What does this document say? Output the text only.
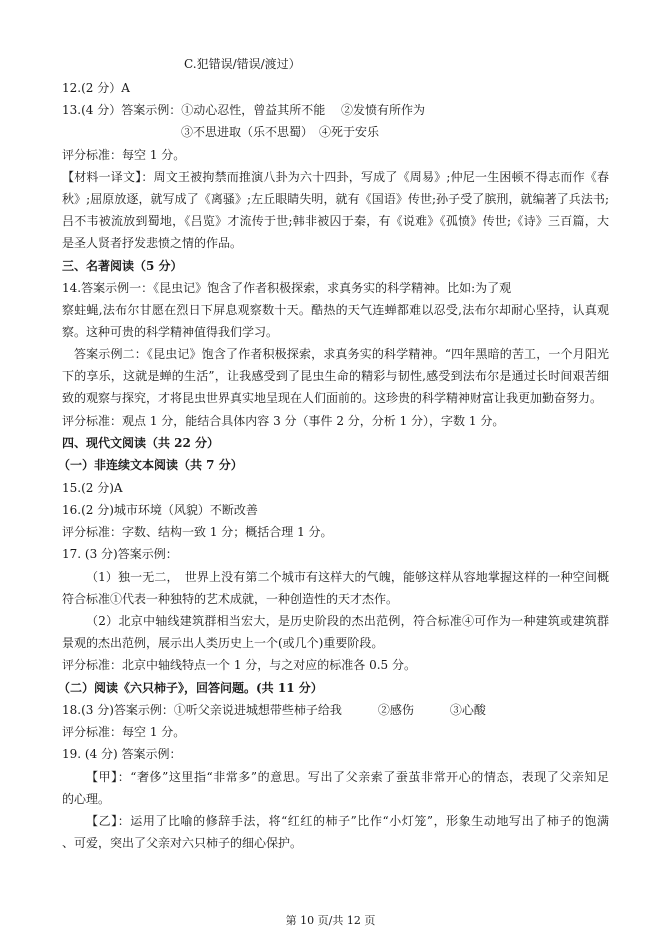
C.犯错误/错误/渡过）
12.(2 分）A
13.(4 分）答案示例：①动心忍性，曾益其所不能　 ②发愤有所作为
③不思进取（乐不思蜀）　④死于安乐
评分标准：每空 1 分。
【材料一译文】：周文王被拘禁而推演八卦为六十四卦，写成了《周易》;仲尼一生困顿不得志而作《春
秋》;屈原放逐，就写成了《离骚》;左丘眼睛失明，就有《国语》传世;孙子受了膑刑，就编著了兵法书;
吕不韦被流放到蜀地，《吕览》才流传于世;韩非被囚于秦，有《说难》《孤愤》传世;《诗》三百篇，大
是圣人贤者抒发悲愤之情的作品。
三、名著阅读（5 分）
14.答案示例一：《昆虫记》饱含了作者积极探索，求真务实的科学精神。比如:为了观
察蛀蝇,法布尔甘愿在烈日下屏息观察数十天。酷热的天气连蝉都难以忍受,法布尔却耐心坚持，认真观
察。这种可贵的科学精神值得我们学习。
答案示例二：《昆虫记》饱含了作者积极探索，求真务实的科学精神。“四年黑暗的苦工，一个月阳光
下的享乐，这就是蝉的生活”，让我感受到了昆虫生命的精彩与韧性,感受到法布尔是通过长时间艰苦细
致的观察与探究，才将昆虫世界真实地呈现在人们面前的。这珍贵的科学精神财富让我更加勤奋努力。
评分标准：观点 1 分，能结合具体内容 3 分（事件 2 分，分析 1 分），字数 1 分。
四、现代文阅读（共 22 分）
（一）非连续文本阅读（共 7 分）
15.(2 分)A
16.(2 分)城市环境（风貌）不断改善
评分标准：字数、结构一致 1 分；概括合理 1 分。
17. (3 分)答案示例：
（1）独一无二，　世界上没有第二个城市有这样大的气魄，能够这样从容地掌握这样的一种空间概
符合标准①代表一种独特的艺术成就，一种创造性的天才杰作。
（2）北京中轴线建筑群相当宏大，是历史阶段的杰出范例，符合标准④可作为一种建筑或建筑群
景观的杰出范例，展示出人类历史上一个(或几个)重要阶段。
评分标准：北京中轴线特点一个 1 分，与之对应的标准各 0.5 分。
（二）阅读《六只柿子》，回答问题。(共 11 分）
18.(3 分)答案示例：①听父亲说进城想带些柿子给我　　　②感伤　　　③心酸
评分标准：每空 1 分。
19. (4 分) 答案示例：
【甲】：“奢侈”这里指“非常多”的意思。写出了父亲索了蚕茧非常开心的情态，表现了父亲知足
的心理。
【乙】：运用了比喻的修辞手法，将“红红的柿子”比作“小灯笼”，形象生动地写出了柿子的饱满
、可爱，突出了父亲对六只柿子的细心保护。
第 10 页/共 12 页
